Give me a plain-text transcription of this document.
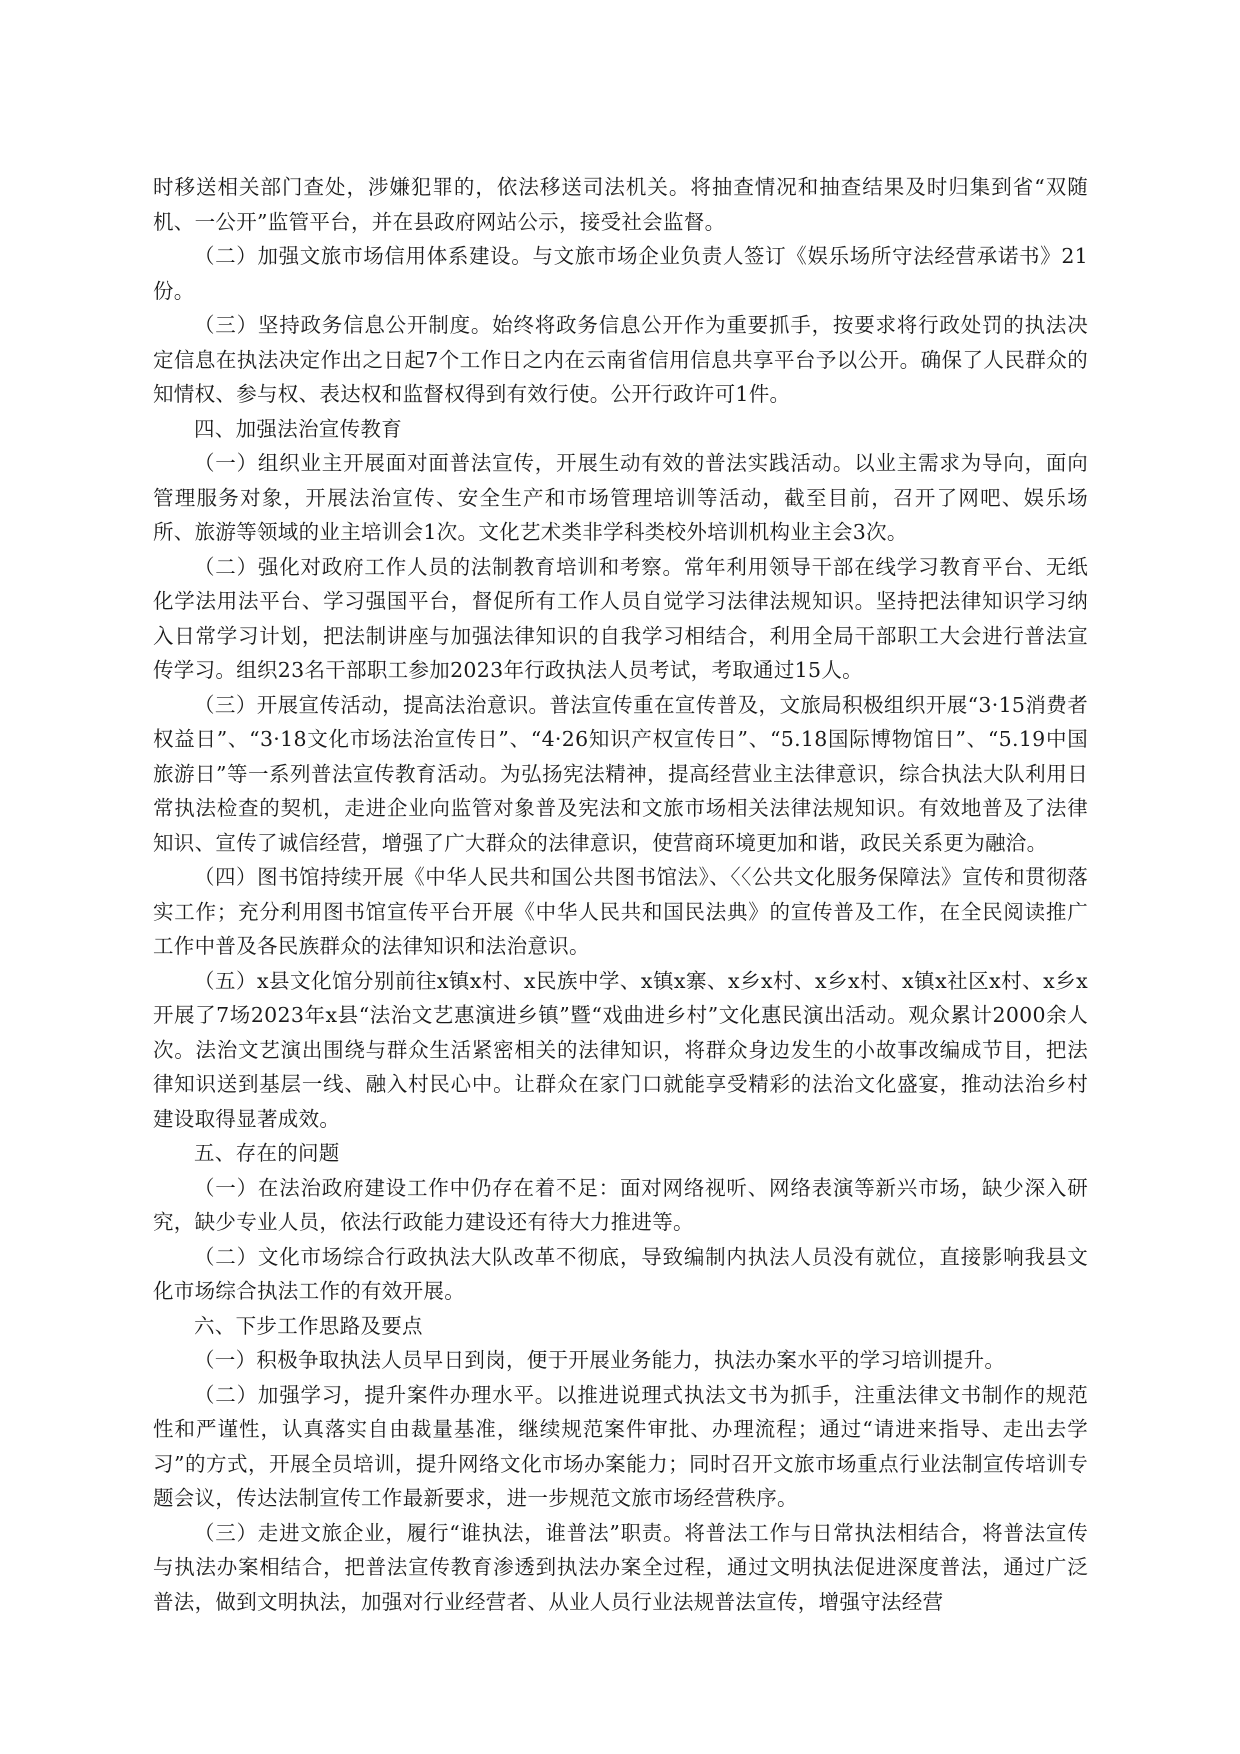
时移送相关部门查处，涉嫌犯罪的，依法移送司法机关。将抽查情况和抽查结果及时归集到省“双随机、一公开”监管平台，并在县政府网站公示，接受社会监督。

（二）加强文旅市场信用体系建设。与文旅市场企业负责人签订《娱乐场所守法经营承诺书》21份。

（三）坚持政务信息公开制度。始终将政务信息公开作为重要抓手，按要求将行政处罚的执法决定信息在执法决定作出之日起7个工作日之内在云南省信用信息共享平台予以公开。确保了人民群众的知情权、参与权、表达权和监督权得到有效行使。公开行政许可1件。

四、加强法治宣传教育

（一）组织业主开展面对面普法宣传，开展生动有效的普法实践活动。以业主需求为导向，面向管理服务对象，开展法治宣传、安全生产和市场管理培训等活动，截至目前，召开了网吧、娱乐场所、旅游等领域的业主培训会1次。文化艺术类非学科类校外培训机构业主会3次。

（二）强化对政府工作人员的法制教育培训和考察。常年利用领导干部在线学习教育平台、无纸化学法用法平台、学习强国平台，督促所有工作人员自觉学习法律法规知识。坚持把法律知识学习纳入日常学习计划，把法制讲座与加强法律知识的自我学习相结合，利用全局干部职工大会进行普法宣传学习。组织23名干部职工参加2023年行政执法人员考试，考取通过15人。

（三）开展宣传活动，提高法治意识。普法宣传重在宣传普及，文旅局积极组织开展“3·15消费者权益日”、“3·18文化市场法治宣传日”、“4·26知识产权宣传日”、“5.18国际博物馆日”、“5.19中国旅游日”等一系列普法宣传教育活动。为弘扬宪法精神，提高经营业主法律意识，综合执法大队利用日常执法检查的契机，走进企业向监管对象普及宪法和文旅市场相关法律法规知识。有效地普及了法律知识、宣传了诚信经营，增强了广大群众的法律意识，使营商环境更加和谐，政民关系更为融洽。

（四）图书馆持续开展《中华人民共和国公共图书馆法》、〈〈公共文化服务保障法》宣传和贯彻落实工作；充分利用图书馆宣传平台开展《中华人民共和国民法典》的宣传普及工作，在全民阅读推广工作中普及各民族群众的法律知识和法治意识。

（五）x县文化馆分别前往x镇x村、x民族中学、x镇x寨、x乡x村、x乡x村、x镇x社区x村、x乡x开展了7场2023年x县“法治文艺惠演进乡镇”暨“戏曲进乡村”文化惠民演出活动。观众累计2000余人次。法治文艺演出围绕与群众生活紧密相关的法律知识，将群众身边发生的小故事改编成节目，把法律知识送到基层一线、融入村民心中。让群众在家门口就能享受精彩的法治文化盛宴，推动法治乡村建设取得显著成效。

五、存在的问题

（一）在法治政府建设工作中仍存在着不足：面对网络视听、网络表演等新兴市场，缺少深入研究，缺少专业人员，依法行政能力建设还有待大力推进等。

（二）文化市场综合行政执法大队改革不彻底，导致编制内执法人员没有就位，直接影响我县文化市场综合执法工作的有效开展。

六、下步工作思路及要点

（一）积极争取执法人员早日到岗，便于开展业务能力，执法办案水平的学习培训提升。

（二）加强学习，提升案件办理水平。以推进说理式执法文书为抓手，注重法律文书制作的规范性和严谨性，认真落实自由裁量基准，继续规范案件审批、办理流程；通过“请进来指导、走出去学习”的方式，开展全员培训，提升网络文化市场办案能力；同时召开文旅市场重点行业法制宣传培训专题会议，传达法制宣传工作最新要求，进一步规范文旅市场经营秩序。

（三）走进文旅企业，履行“谁执法，谁普法”职责。将普法工作与日常执法相结合，将普法宣传与执法办案相结合，把普法宣传教育渗透到执法办案全过程，通过文明执法促进深度普法，通过广泛普法，做到文明执法，加强对行业经营者、从业人员行业法规普法宣传，增强守法经营
